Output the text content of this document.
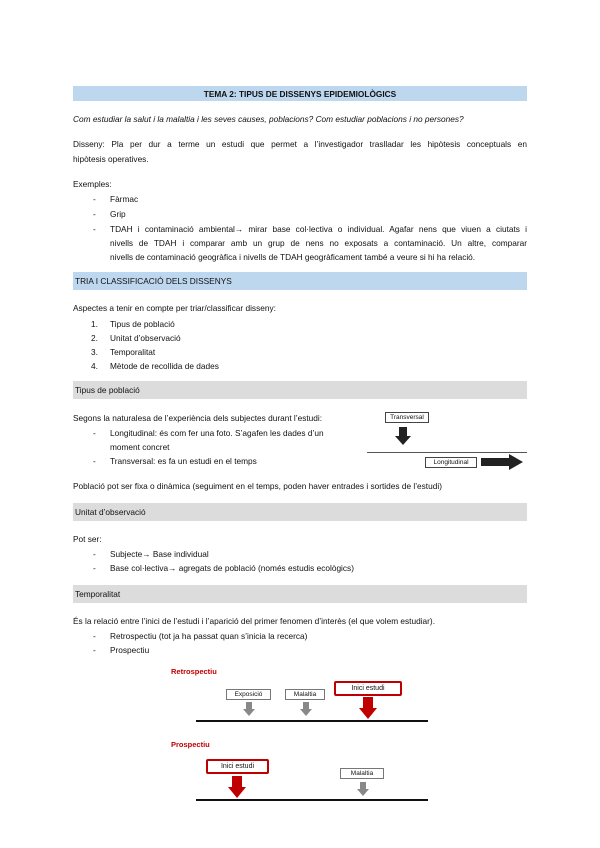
TEMA 2: TIPUS DE DISSENYS EPIDEMIOLÒGICS
Com estudiar la salut i la malaltia i les seves causes, poblacions? Com estudiar poblacions i no persones?
Disseny: Pla per dur a terme un estudi que permet a l’investigador traslladar les hipòtesis conceptuals en
hipòtesis operatives.
Exemples:
- Fàrmac
- Grip
- TDAH i contaminació ambiental→ mirar base col·lectiva o individual. Agafar nens que viuen a ciutats i
nivells de TDAH i comparar amb un grup de nens no exposats a contaminació. Un altre, comparar
nivells de contaminació geogràfica i nivells de TDAH geogràficament també a veure si hi ha relació.
TRIA I CLASSIFICACIÓ DELS DISSENYS
Aspectes a tenir en compte per triar/classificar disseny:
1. Tipus de població
2. Unitat d’observació
3. Temporalitat
4. Mètode de recollida de dades
Tipus de població
Segons la naturalesa de l’experiència dels subjectes durant l’estudi:
- Longitudinal: és com fer una foto. S’agafen les dades d’un
moment concret
- Transversal: es fa un estudi en el temps
Transversal
Longitudinal
Població pot ser fixa o dinàmica (seguiment en el temps, poden haver entrades i sortides de l’estudi)
Unitat d’observació
Pot ser:
- Subjecte→ Base individual
- Base col·lectiva→ agregats de població (només estudis ecològics)
Temporalitat
És la relació entre l’inici de l’estudi i l’aparició del primer fenomen d’interès (el que volem estudiar).
- Retrospectiu (tot ja ha passat quan s’inicia la recerca)
- Prospectiu
Retrospectiu
Exposició	Malaltia
Inici estudi
Prospectiu
Inici estudi
Malaltia
